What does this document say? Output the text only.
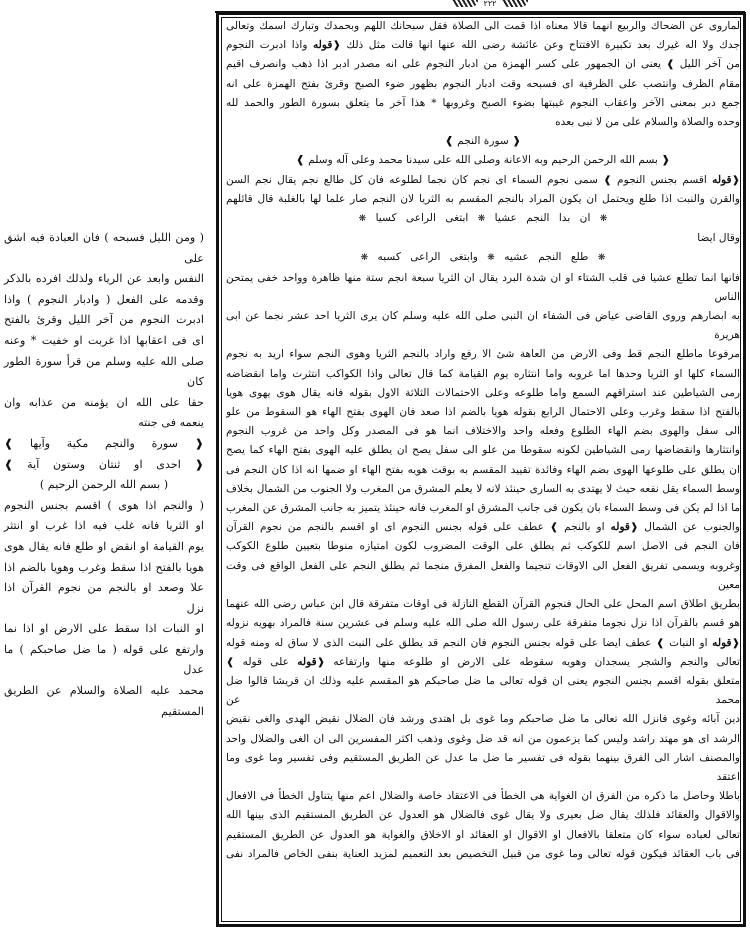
٢٢٢

لماروى عن الضحاك والربيع انهما قالا معناه اذا قمت الى الصلاة فقل سبحانك اللهم وبحمدك وتبارك اسمك وتعالى

جدك ولا اله غيرك بعد تكبيرة الافتتاح وعن عائشة رضى الله عنها انها قالت مثل ذلك ❰قوله واذا ادبرت النجوم

من آخر الليل ❱ يعنى ان الجمهور على كسر الهمزة من ادبار النجوم على انه مصدر ادبر اذا ذهب وانصرف اقيم

مقام الظرف وانتصب على الظرفية اى فسبحه وقت ادبار النجوم بظهور ضوء الصبح وقرئ بفتح الهمزة على انه

جمع دبر بمعنى الآخر واعقاب النجوم غيبتها بضوء الصبح وغروبها * هذا آخر ما يتعلق بسورة الطور والحمد لله

وحده والصلاة والسلام على من لا نبى بعده

❰ سورة النجم ❱

❰ بسم الله الرحمن الرحيم وبه الاعانة وصلى الله على سيدنا محمد وعلى آله وسلم ❱

❰قوله اقسم بجنس النجوم ❱ سمى نجوم السماء اى نجم كان نجما لطلوعه فان كل طالع نجم يقال نجم السن

والقرن والنبت اذا طلع ويحتمل ان يكون المراد بالنجم المقسم به الثريا لان النجم صار علما لها بالغلبة قال قائلهم

❋ ان بدا النجم عشيا ❋ ابتغى الراعى كسيا ❋

وقال ايضا

❋ طلع النجم عشيه ❋ وابتغى الراعى كسبه ❋

فانها انما تطلع عشيا فى قلب الشتاء او ان شدة البرد يقال ان الثريا سبعة انجم ستة منها ظاهرة وواحد خفى يمتحن الناس

به ابصارهم وروى القاضى عياض فى الشفاء ان النبى صلى الله عليه وسلم كان يرى الثريا احد عشر نجما عن ابى هريرة

مرفوعا ماطلع النجم قط وفى الارض من العاهة شئ الا رفع واراد بالنجم الثريا وهوى النجم سواء اريد به نجوم

السماء كلها او الثريا وحدها اما غروبه واما انتثاره يوم القيامة كما قال تعالى واذا الكواكب انتثرت واما انقضاضه

رمى الشياطين عند استراقهم السمع واما طلوعه وعلى الاحتمالات الثلاثة الاول بقوله فانه يقال هوى يهوى هويا

بالفتح اذا سقط وغرب وعلى الاحتمال الرابع بقوله هويا بالضم اذا صعد فان الهوى بفتح الهاء هو السقوط من علو

الى سفل والهوى بضم الهاء الطلوع وفعله واحد والاختلاف انما هو فى المصدر وكل واحد من غروب النجوم

وانتثارها وانقضاضها رمى الشياطين لكونه سقوطا من علو الى سفل يصح ان يطلق عليه الهوى بفتح الهاء كما يصح

ان يطلق على طلوعها الهوى بضم الهاء وفائدة تقييد المقسم به بوقت هويه بفتح الهاء او ضمها انه اذا كان النجم فى

وسط السماء يقل نفعه حيث لا يهتدى به السارى حينئذ لانه لا يعلم المشرق من المغرب ولا الجنوب من الشمال بخلاف

ما اذا لم يكن فى وسط السماء بان يكون فى جانب المشرق او المغرب فانه حينئذ يتميز به جانب المشرق عن المغرب

والجنوب عن الشمال ❰قوله او بالنجم ❱ عطف على قوله بجنس النجوم اى او اقسم بالنجم من نجوم القرآن

فان النجم فى الاصل اسم للكوكب ثم يطلق على الوقت المضروب لكون امتيازه منوطا بتعيين طلوع الكوكب

وغروبه ويسمى تفريق الفعل الى الاوقات تنجيما والفعل المفرق منجما ثم يطلق النجم على الفعل الواقع فى وقت معين

بطريق اطلاق اسم المحل على الحال فنجوم القرآن القطع النازلة فى اوقات متفرقة قال ابن عباس رضى الله عنهما

هو قسم بالقرآن اذا نزل نجوما متفرقة على رسول الله صلى الله عليه وسلم فى عشرين سنة فالمراد بهويه نزوله

❰قوله او النبات ❱ عطف ايضا على قوله بجنس النجوم فان النجم قد يطلق على النبت الذى لا ساق له ومنه قوله

تعالى والنجم والشجر يسجدان وهويه سقوطه على الارض او طلوعه منها وارتفاعه ❰قوله على قوله ❱

متعلق بقوله اقسم بجنس النجوم يعنى ان قوله تعالى ما ضل صاحبكم هو المقسم عليه وذلك ان قريشا قالوا ضل محمد عن

دين آبائه وغوى فانزل الله تعالى ما ضل صاحبكم وما غوى بل اهتدى ورشد فان الضلال نقيض الهدى والغى نقيض

الرشد اى هو مهتد راشد وليس كما يزعمون من انه قد ضل وغوى وذهب اكثر المفسرين الى ان الغى والضلال واحد

والمصنف اشار الى الفرق بينهما بقوله فى تفسير ما ضل ما عدل عن الطريق المستقيم وفى تفسير وما غوى وما اعتقد

باطلا وحاصل ما ذكره من الفرق ان الغواية هى الخطأ فى الاعتقاد خاصة والضلال اعم منها يتناول الخطأ فى الافعال

والاقوال والعقائد فلذلك يقال ضل بعيرى ولا يقال غوى فالضلال هو العدول عن الطريق المستقيم الذى بينها الله

تعالى لعباده سواء كان متعلقا بالافعال او الاقوال او العقائد او الاخلاق والغواية هو العدول عن الطريق المستقيم

فى باب العقائد فيكون قوله تعالى وما غوى من قبيل التخصيص بعد التعميم لمزيد العناية بنفى الخاص فالمراد نفى

( ومن الليل فسبحه ) فان العبادة فيه اشق على

النفس وابعد عن الرياء ولذلك افرده بالذكر

وقدمه على الفعل ( وادبار النجوم ) واذا

ادبرت النجوم من آخر الليل وقرئ بالفتح

اى فى اعقابها اذا غربت او خفيت * وعنه

صلى الله عليه وسلم من قرأ سورة الطور كان

حقا على الله ان يؤمنه من عذابه وان

ينعمه فى جنته

❰ سورة والنجم مكية وآيها ❱

❰ احدى او ثنتان وستون آية ❱

( بسم الله الرحمن الرحيم )

( والنجم اذا هوى ) اقسم بجنس النجوم

او الثريا فانه غلب فيه اذا غرب او انتثر

يوم القيامة او انقض او طلع فانه يقال هوى

هويا بالفتح اذا سقط وغرب وهويا بالضم اذا

علا وصعد او بالنجم من نجوم القرآن اذا نزل

او النبات اذا سقط على الارض او اذا نما

وارتفع على قوله ( ما ضل صاحبكم ) ما عدل

محمد عليه الصلاة والسلام عن الطريق

المستقيم
